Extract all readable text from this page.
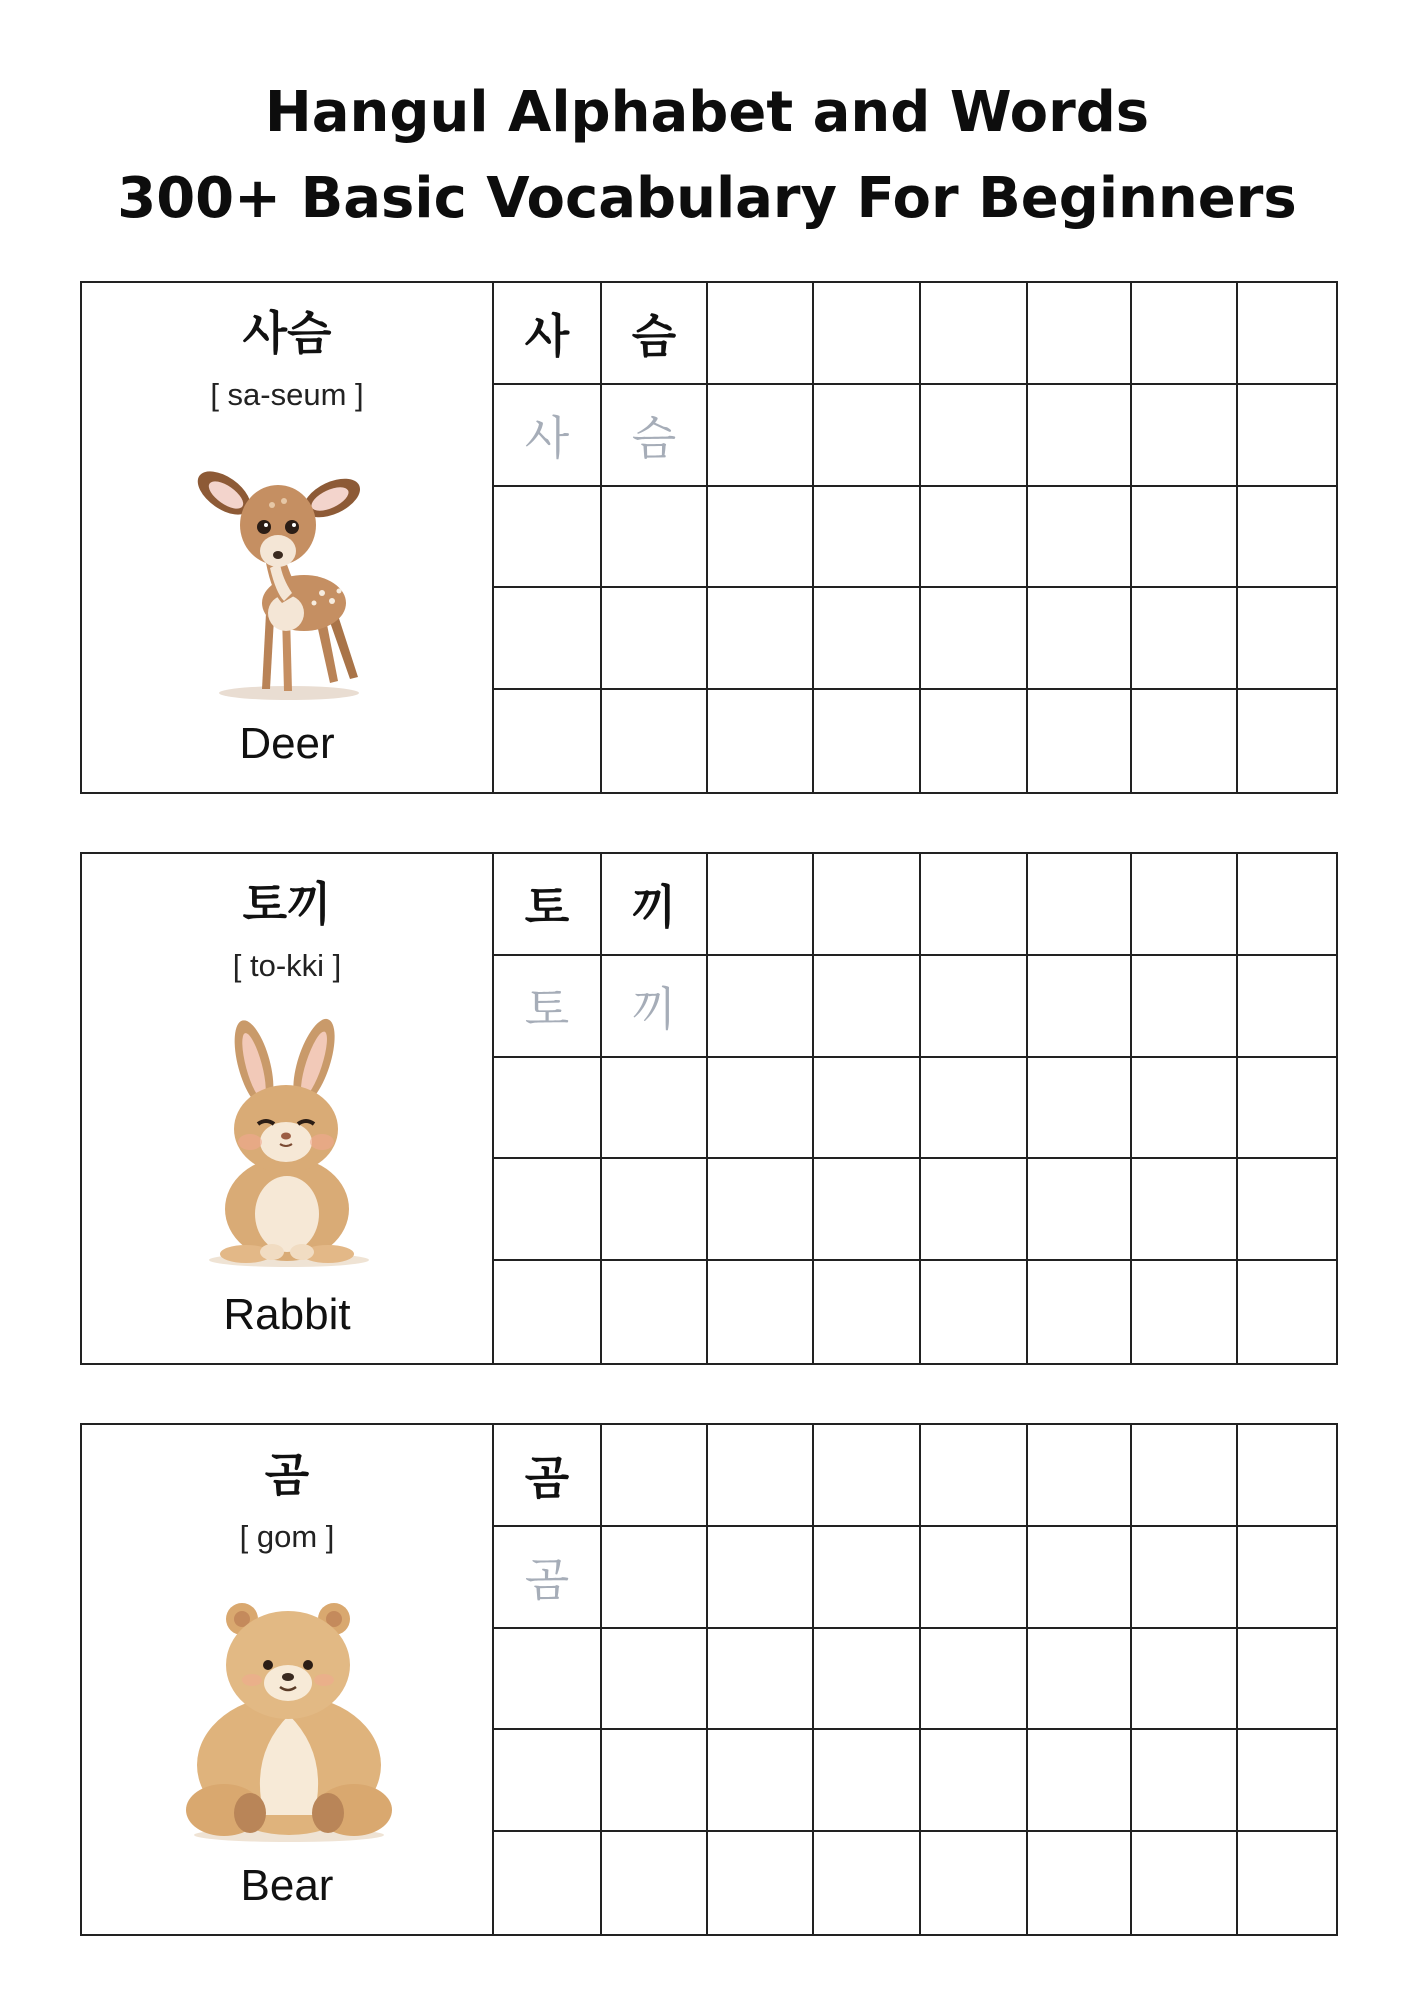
Hangul Alphabet and Words
300+ Basic Vocabulary For Beginners
사슴
[ sa-seum ]
Deer
사	슴
사	슴
토끼
[ to-kki ]
Rabbit
토	끼
토	끼
곰
[ gom ]
Bear
곰
곰
